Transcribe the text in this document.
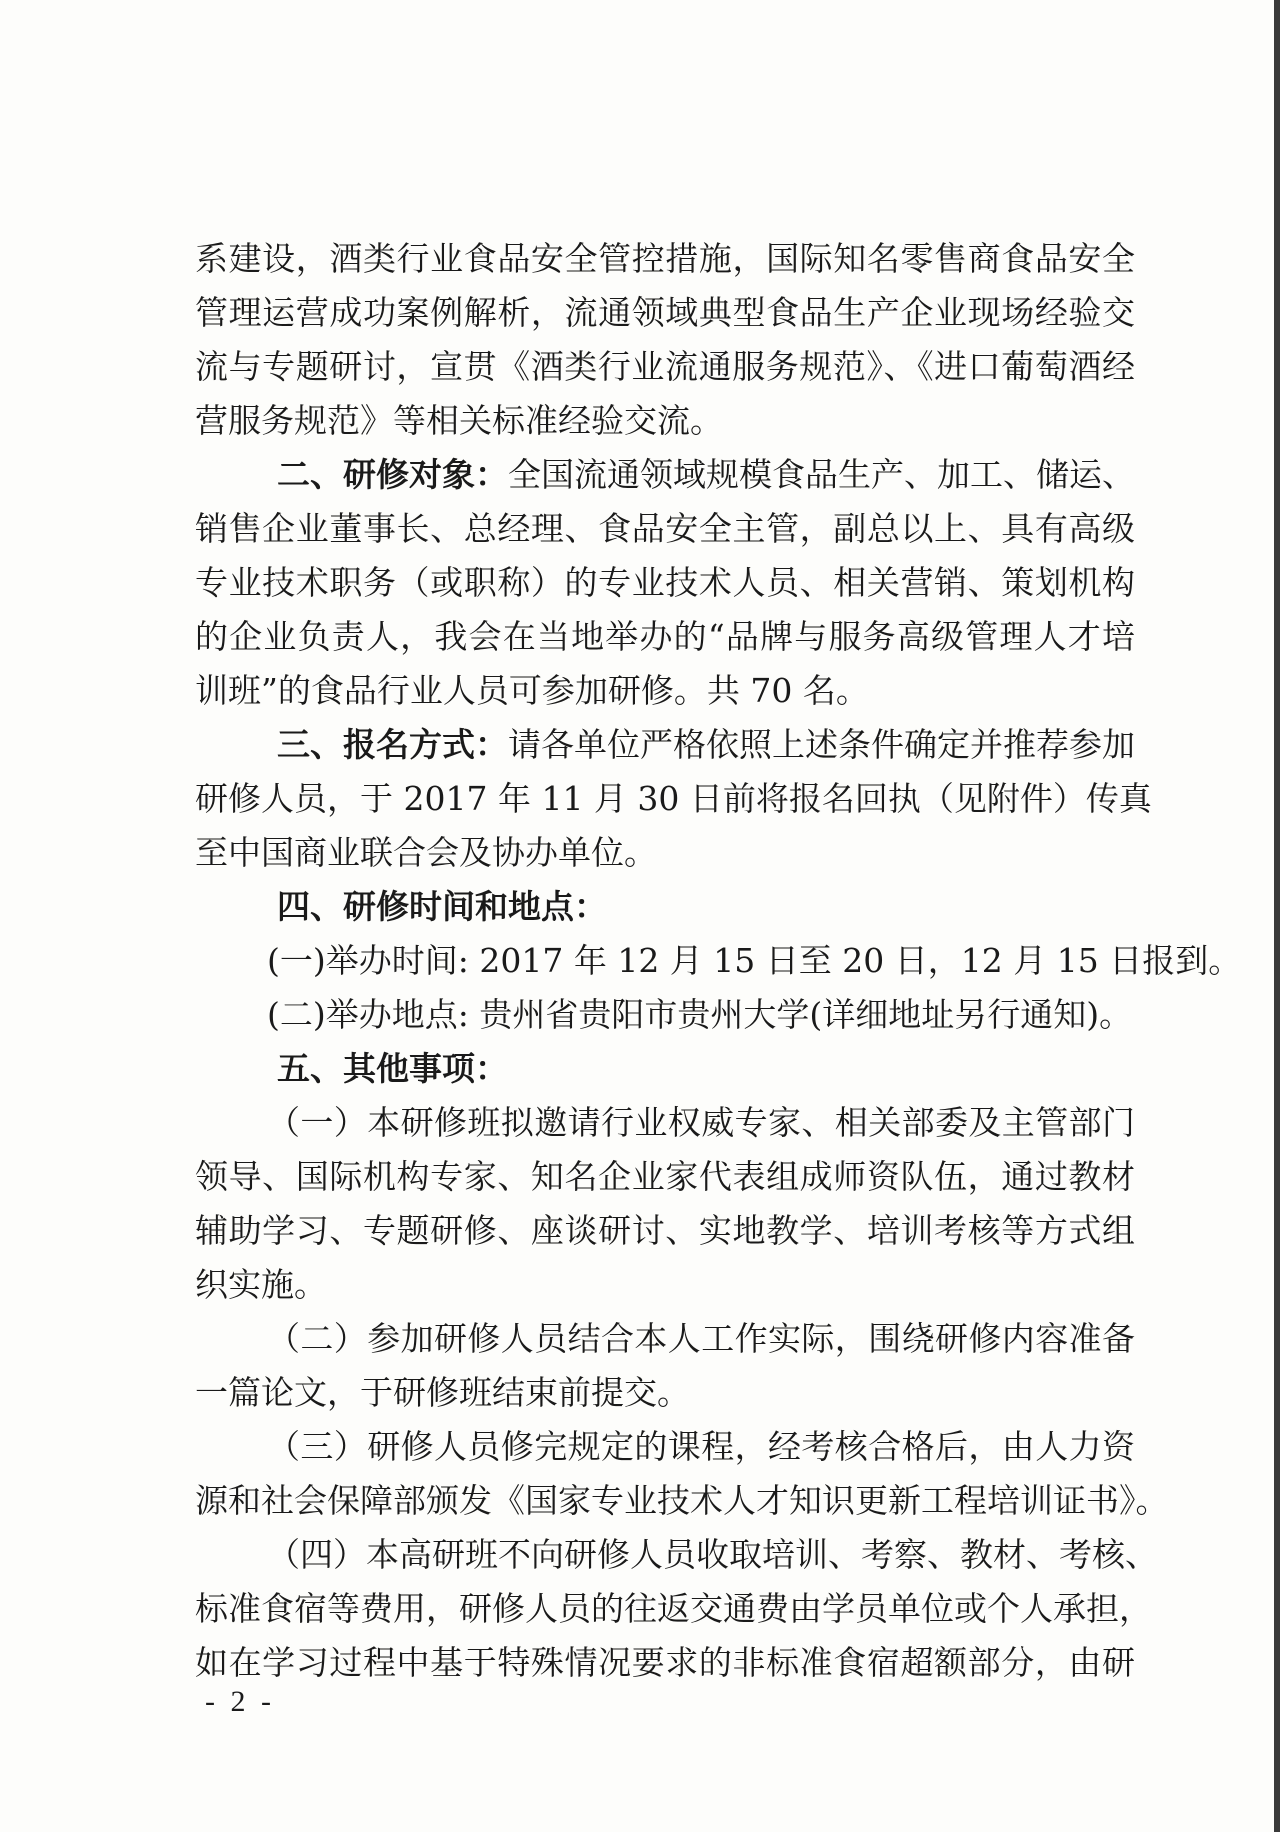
系建设，酒类行业食品安全管控措施，国际知名零售商食品安全
管理运营成功案例解析，流通领域典型食品生产企业现场经验交
流与专题研讨，宣贯《酒类行业流通服务规范》、《进口葡萄酒经
营服务规范》等相关标准经验交流。
二、研修对象：全国流通领域规模食品生产、加工、储运、
销售企业董事长、总经理、食品安全主管，副总以上、具有高级
专业技术职务（或职称）的专业技术人员、相关营销、策划机构
的企业负责人，我会在当地举办的“品牌与服务高级管理人才培
训班”的食品行业人员可参加研修。共 70 名。
三、报名方式：请各单位严格依照上述条件确定并推荐参加
研修人员，于 2017 年 11 月 30 日前将报名回执（见附件）传真
至中国商业联合会及协办单位。
四、研修时间和地点：
(一)举办时间: 2017 年 12 月 15 日至 20 日，12 月 15 日报到。
(二)举办地点: 贵州省贵阳市贵州大学(详细地址另行通知)。
五、其他事项：
（一）本研修班拟邀请行业权威专家、相关部委及主管部门
领导、国际机构专家、知名企业家代表组成师资队伍，通过教材
辅助学习、专题研修、座谈研讨、实地教学、培训考核等方式组
织实施。
（二）参加研修人员结合本人工作实际，围绕研修内容准备
一篇论文，于研修班结束前提交。
（三）研修人员修完规定的课程，经考核合格后，由人力资
源和社会保障部颁发《国家专业技术人才知识更新工程培训证书》。
（四）本高研班不向研修人员收取培训、考察、教材、考核、
标准食宿等费用，研修人员的往返交通费由学员单位或个人承担，
如在学习过程中基于特殊情况要求的非标准食宿超额部分，由研
- 2 -
